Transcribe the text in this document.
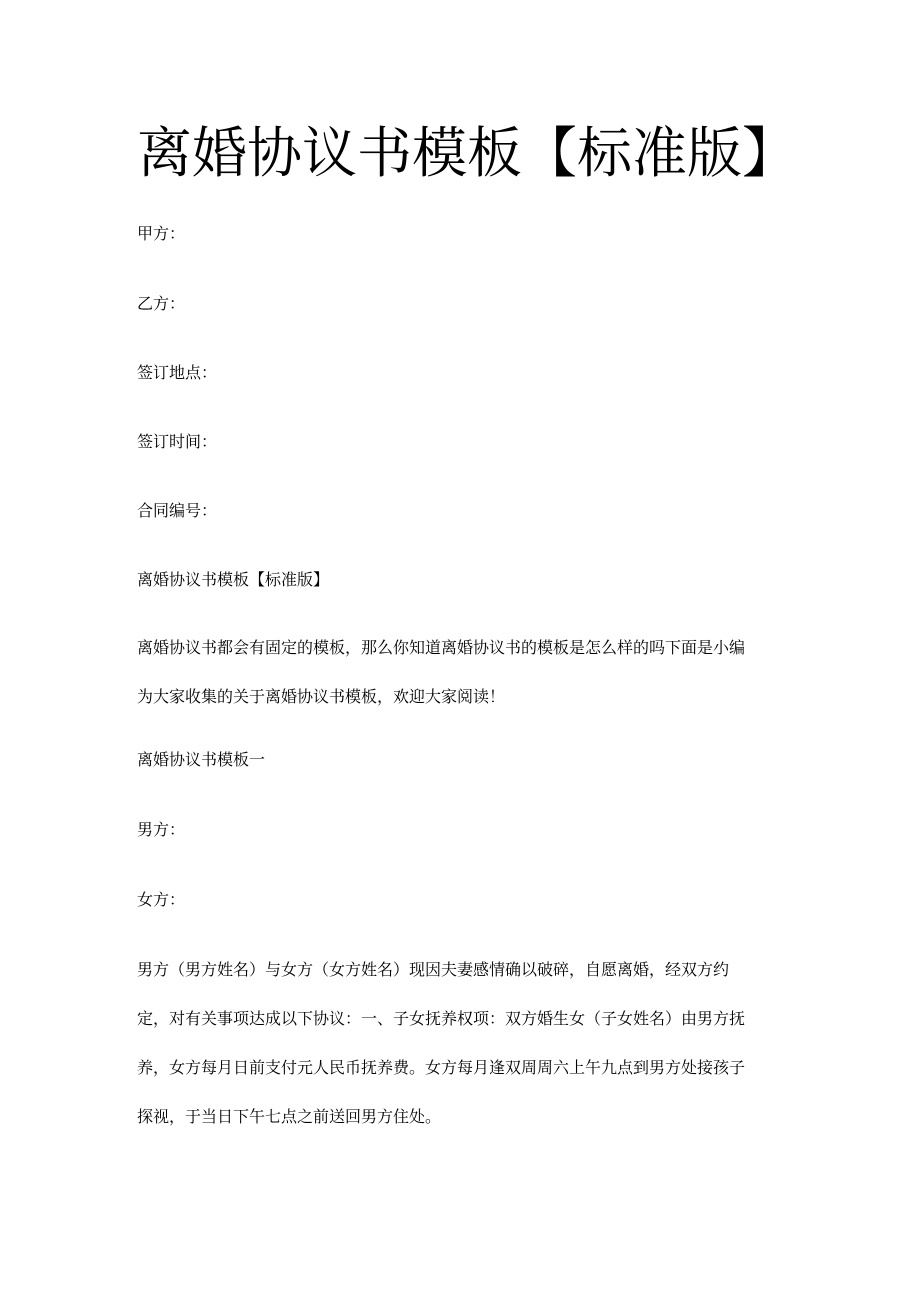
离婚协议书模板【标准版】
甲方：
乙方：
签订地点：
签订时间：
合同编号：
离婚协议书模板【标准版】
离婚协议书都会有固定的模板，那么你知道离婚协议书的模板是怎么样的吗下面是小编
为大家收集的关于离婚协议书模板，欢迎大家阅读！
离婚协议书模板一
男方：
女方：
男方（男方姓名）与女方（女方姓名）现因夫妻感情确以破碎，自愿离婚，经双方约
定，对有关事项达成以下协议：一、子女抚养权项：双方婚生女（子女姓名）由男方抚
养，女方每月日前支付元人民币抚养费。女方每月逢双周周六上午九点到男方处接孩子
探视，于当日下午七点之前送回男方住处。
